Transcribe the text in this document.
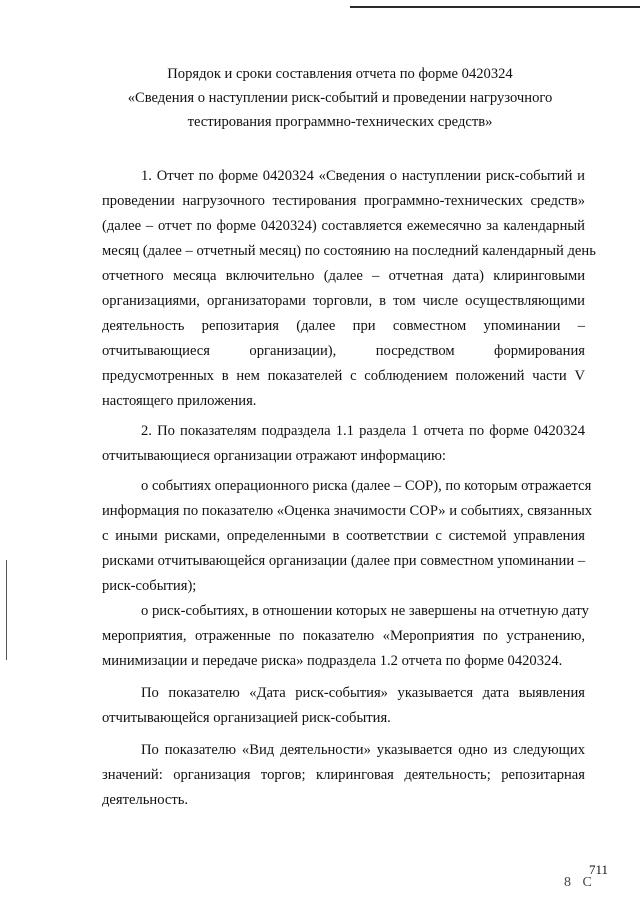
Порядок и сроки составления отчета по форме 0420324
«Сведения о наступлении риск-событий и проведении нагрузочного
тестирования программно-технических средств»
1. Отчет по форме 0420324 «Сведения о наступлении риск-событий и
проведении нагрузочного тестирования программно-технических средств»
(далее – отчет по форме 0420324) составляется ежемесячно за календарный
месяц (далее – отчетный месяц) по состоянию на последний календарный день
отчетного месяца включительно (далее – отчетная дата) клиринговыми
организациями, организаторами торговли, в том числе осуществляющими
деятельность репозитария (далее при совместном упоминании –
отчитывающиеся организации), посредством формирования
предусмотренных в нем показателей с соблюдением положений части V
настоящего приложения.
2. По показателям подраздела 1.1 раздела 1 отчета по форме 0420324
отчитывающиеся организации отражают информацию:
о событиях операционного риска (далее – СОР), по которым отражается
информация по показателю «Оценка значимости СОР» и событиях, связанных
с иными рисками, определенными в соответствии с системой управления
рисками отчитывающейся организации (далее при совместном упоминании –
риск-события);
о риск-событиях, в отношении которых не завершены на отчетную дату
мероприятия, отраженные по показателю «Мероприятия по устранению,
минимизации и передаче риска» подраздела 1.2 отчета по форме 0420324.
По показателю «Дата риск-события» указывается дата выявления
отчитывающейся организацией риск-события.
По показателю «Вид деятельности» указывается одно из следующих
значений: организация торгов; клиринговая деятельность; репозитарная
деятельность.
711
8 С
